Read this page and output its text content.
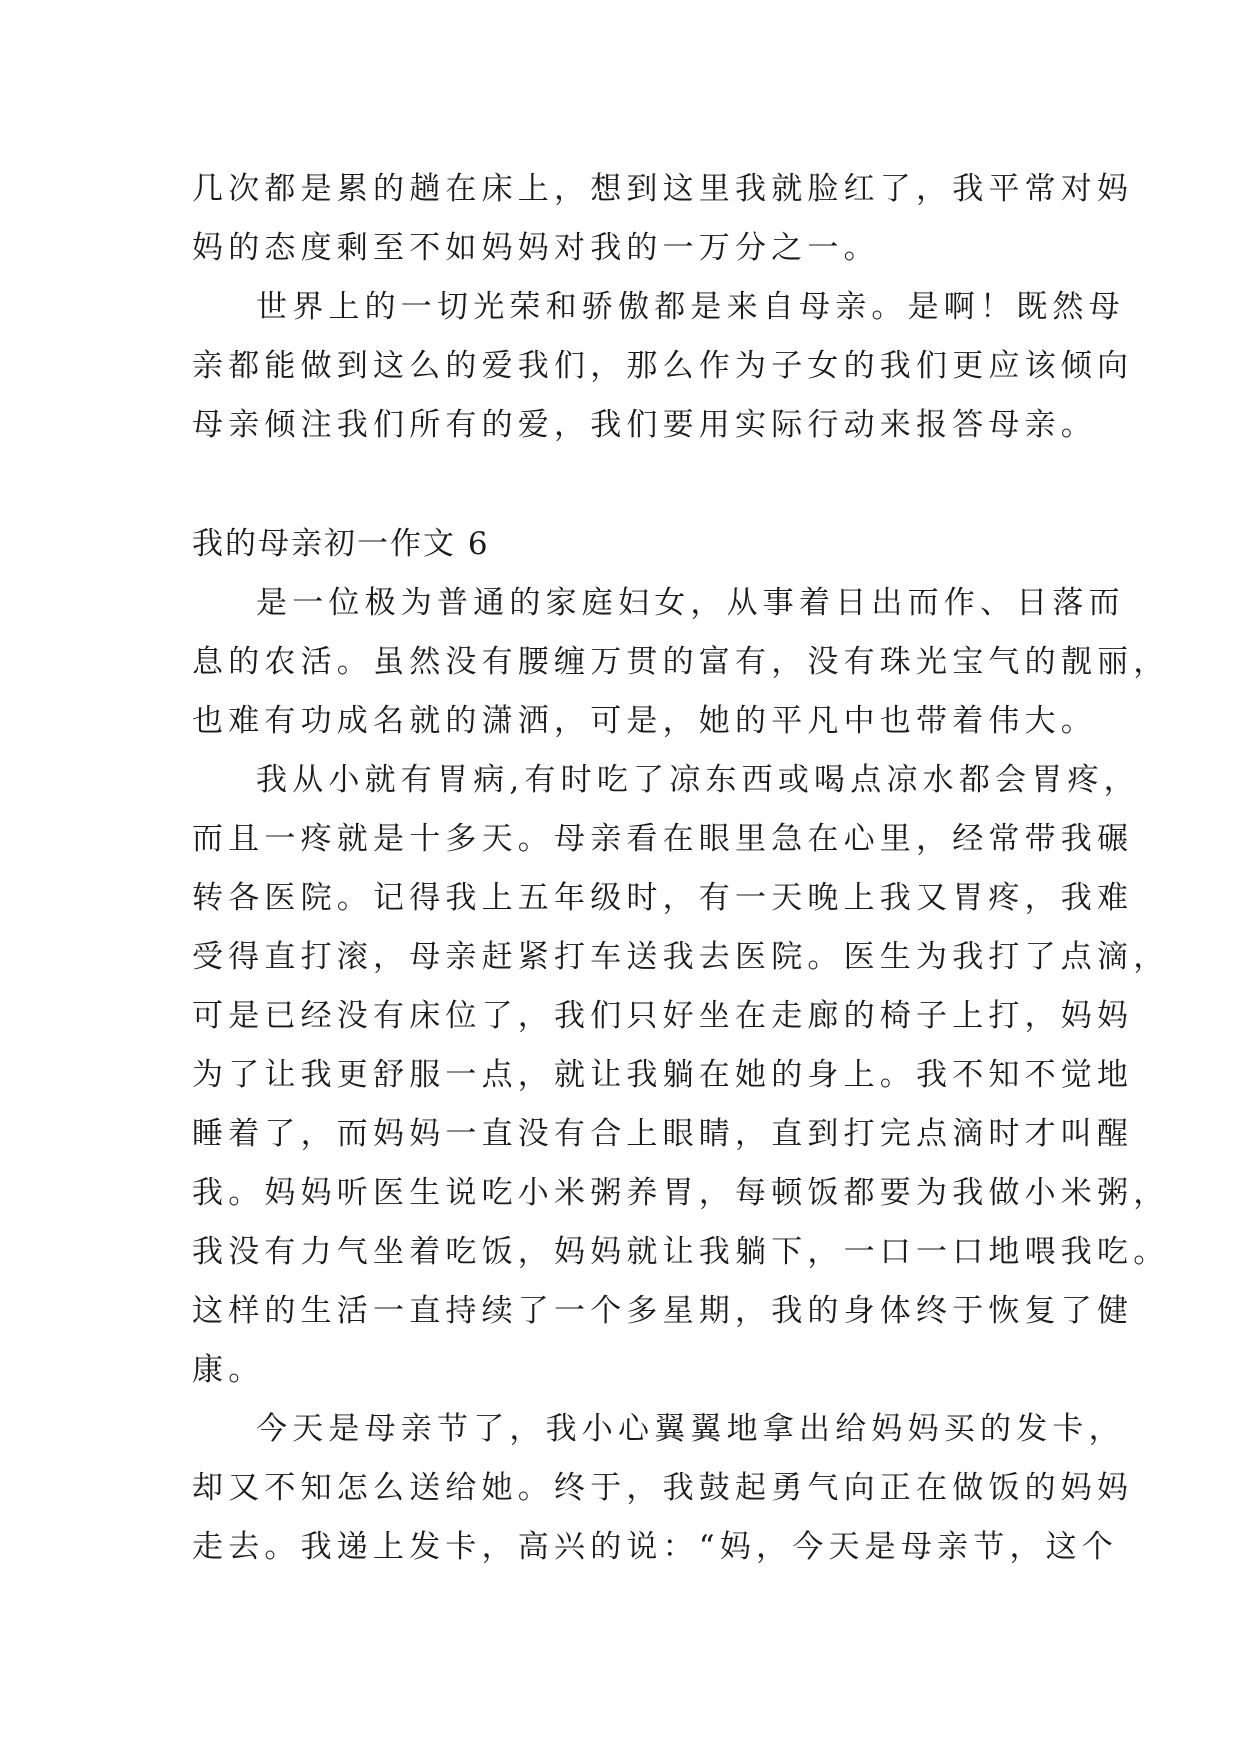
几次都是累的趟在床上，想到这里我就脸红了，我平常对妈
妈的态度剩至不如妈妈对我的一万分之一。
世界上的一切光荣和骄傲都是来自母亲。是啊！既然母
亲都能做到这么的爱我们，那么作为子女的我们更应该倾向
母亲倾注我们所有的爱，我们要用实际行动来报答母亲。
我的母亲初一作文 6
是一位极为普通的家庭妇女，从事着日出而作、日落而
息的农活。虽然没有腰缠万贯的富有，没有珠光宝气的靓丽，
也难有功成名就的潇洒，可是，她的平凡中也带着伟大。
我从小就有胃病,有时吃了凉东西或喝点凉水都会胃疼，
而且一疼就是十多天。母亲看在眼里急在心里，经常带我碾
转各医院。记得我上五年级时，有一天晚上我又胃疼，我难
受得直打滚，母亲赶紧打车送我去医院。医生为我打了点滴，
可是已经没有床位了，我们只好坐在走廊的椅子上打，妈妈
为了让我更舒服一点，就让我躺在她的身上。我不知不觉地
睡着了，而妈妈一直没有合上眼睛，直到打完点滴时才叫醒
我。妈妈听医生说吃小米粥养胃，每顿饭都要为我做小米粥，
我没有力气坐着吃饭，妈妈就让我躺下，一口一口地喂我吃。
这样的生活一直持续了一个多星期，我的身体终于恢复了健
康。
今天是母亲节了，我小心翼翼地拿出给妈妈买的发卡，
却又不知怎么送给她。终于，我鼓起勇气向正在做饭的妈妈
走去。我递上发卡，高兴的说：“妈，今天是母亲节，这个
